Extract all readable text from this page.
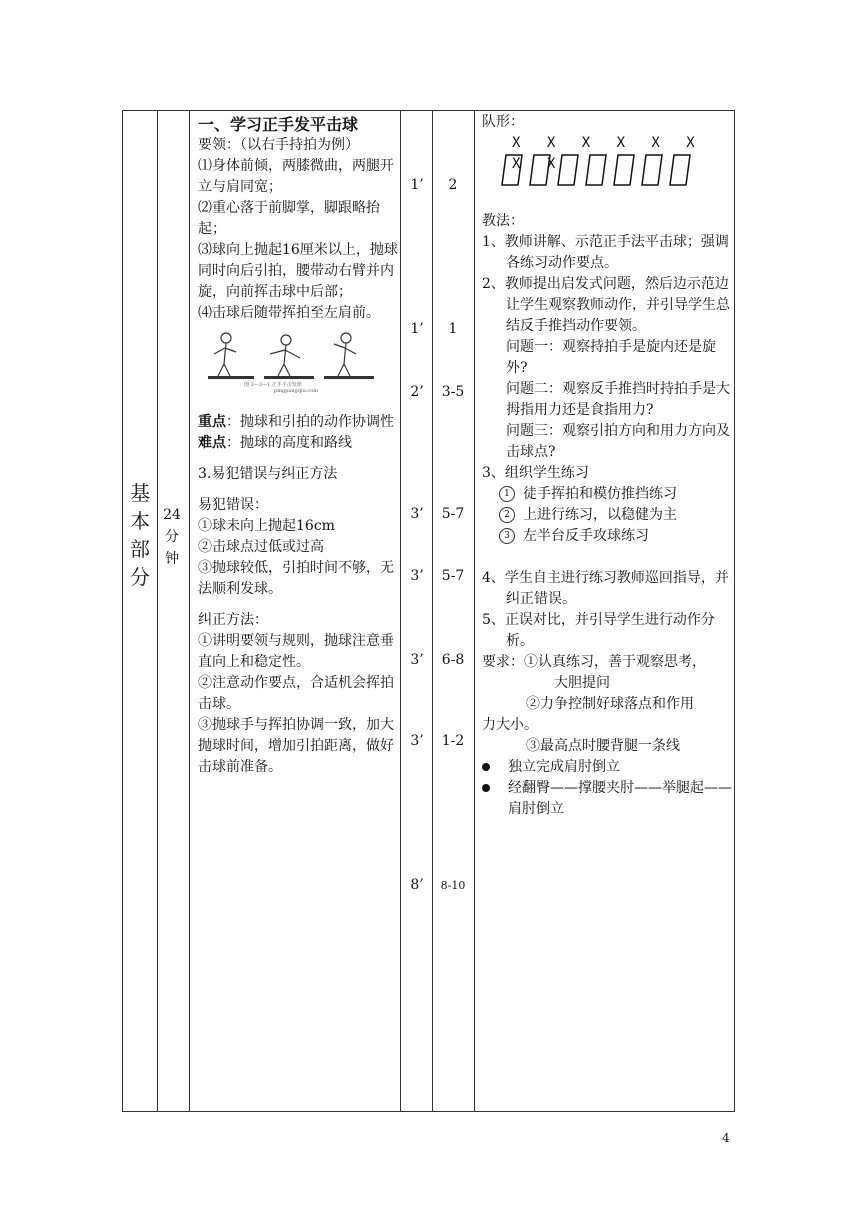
基
本
部
分
24
分
钟

一、学习正手发平击球

要领：（以右手持拍为例）

⑴身体前倾，两膝微曲，两腿开立与肩同宽；

⑵重心落于前脚掌，脚跟略抬起；

⑶球向上抛起16厘米以上，抛球同时向后引拍，腰带动右臂并内旋，向前挥击球中后部；

⑷击球后随带挥拍至左肩前。

图 3—3—1 正手平击发球
pingpangqiu.com

重点：抛球和引拍的动作协调性

难点：抛球的高度和路线

3.易犯错误与纠正方法

易犯错误：

①球未向上抛起16cm

②击球点过低或过高

③抛球较低，引拍时间不够，无法顺利发球。

纠正方法：

①讲明要领与规则，抛球注意垂直向上和稳定性。

②注意动作要点，合适机会挥拍击球。

③抛球手与挥拍协调一致，加大抛球时间，增加引拍距离，做好击球前准备。

1’
1’
2’
3’
3’
3’
3’
8’
2
1
3-5
5-7
5-7
6-8
1-2
8-10

队形：

X X X X X X X X

教法：

1、教师讲解、示范正手法平击球；强调各练习动作要点。

2、教师提出启发式问题，然后边示范边让学生观察教师动作，并引导学生总结反手推挡动作要领。

问题一：观察持拍手是旋内还是旋外?

问题二：观察反手推挡时持拍手是大拇指用力还是食指用力?

问题三：观察引拍方向和用力方向及击球点?

3、组织学生练习

1 徒手挥拍和模仿推挡练习

2 上进行练习，以稳健为主

3 左半台反手攻球练习

4、学生自主进行练习教师巡回指导，并纠正错误。

5、正误对比，并引导学生进行动作分析。

要求：①认真练习，善于观察思考，

大胆提问

②力争控制好球落点和作用

力大小。

③最高点时腰背腿一条线

独立完成肩肘倒立

经翻臀——撑腰夹肘——举腿起——肩肘倒立

4
